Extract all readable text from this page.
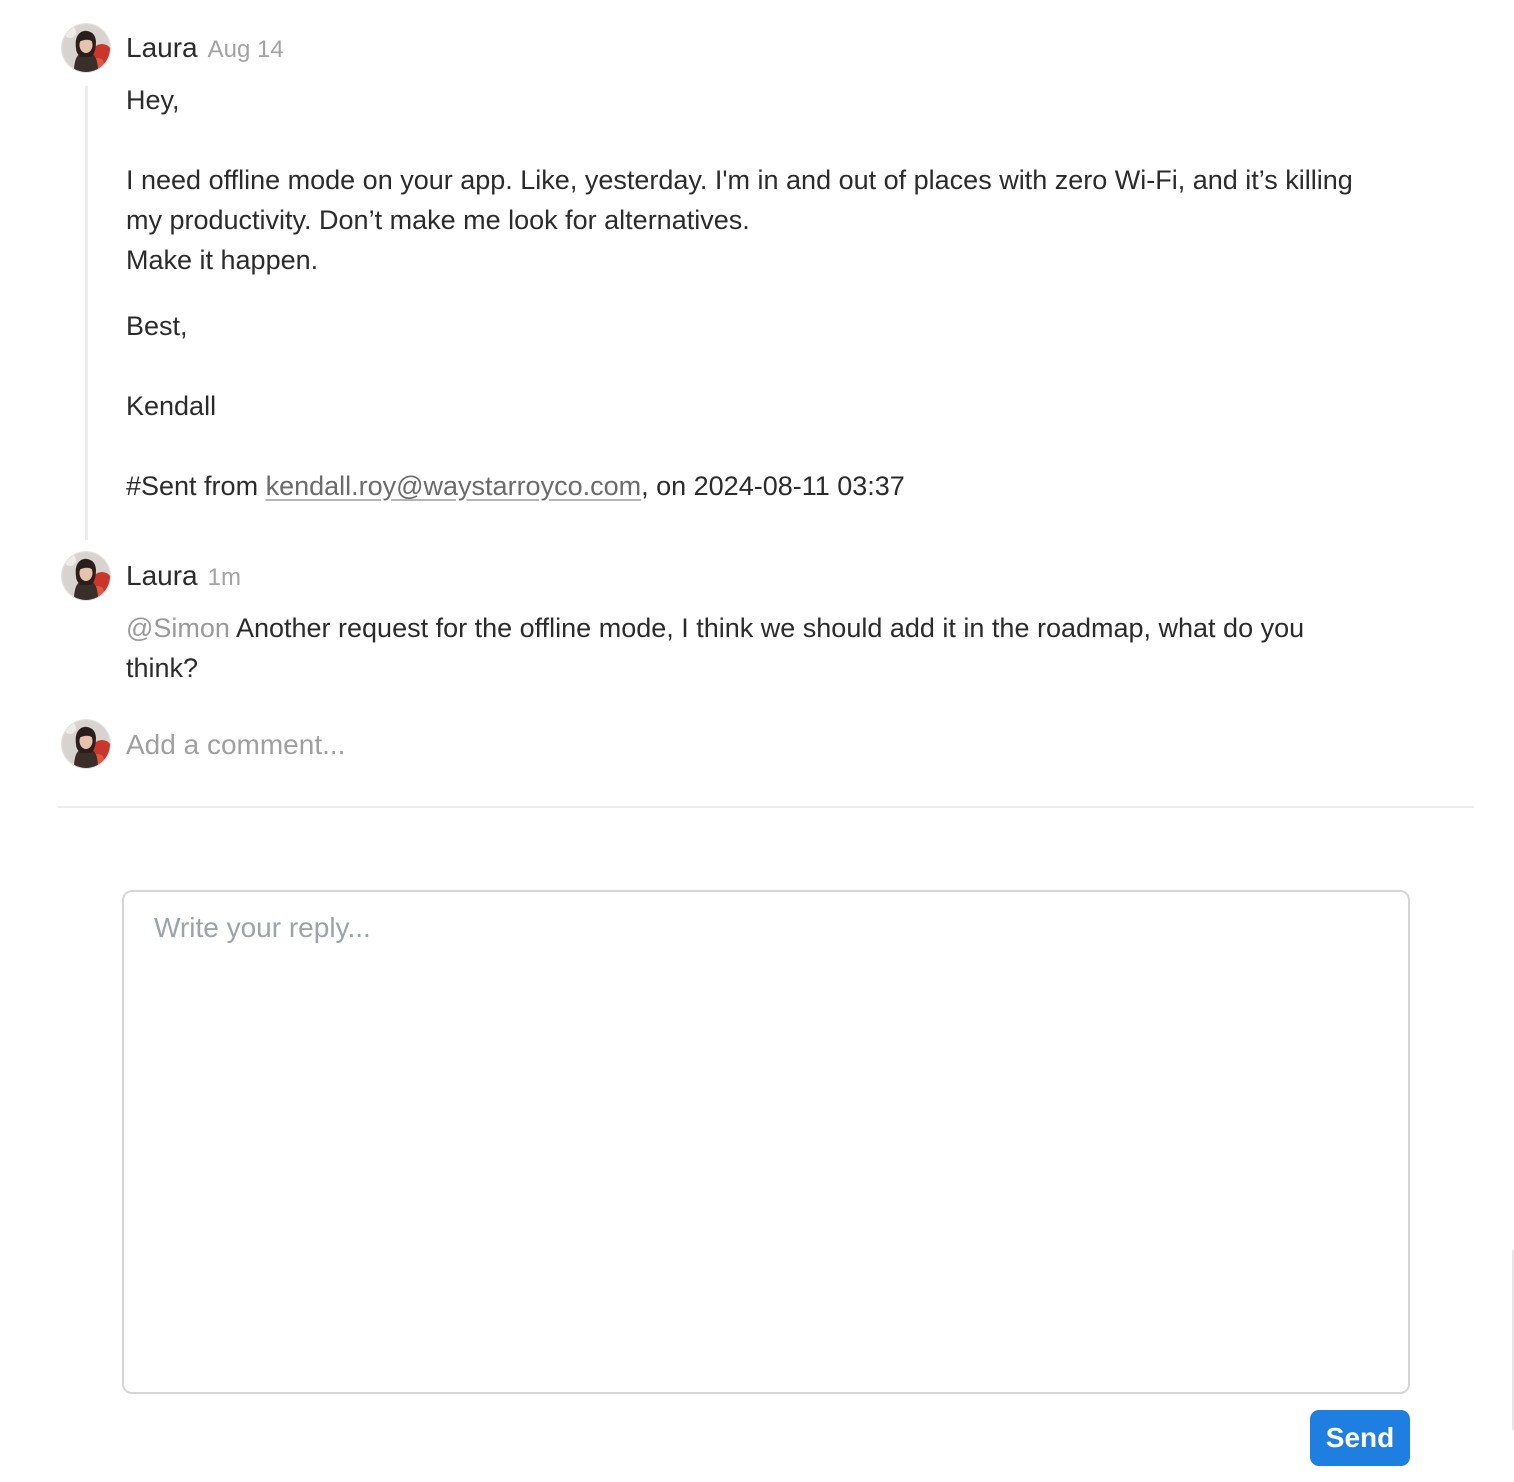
Laura Aug 14
Hey,
I need offline mode on your app. Like, yesterday. I'm in and out of places with zero Wi-Fi, and it’s killing
my productivity. Don’t make me look for alternatives.
Make it happen.
Best,
Kendall
#Sent from kendall.roy@waystarroyco.com, on 2024-08-11 03:37
Laura 1m
@Simon Another request for the offline mode, I think we should add it in the roadmap, what do you
think?
Add a comment...
Write your reply...
Send
